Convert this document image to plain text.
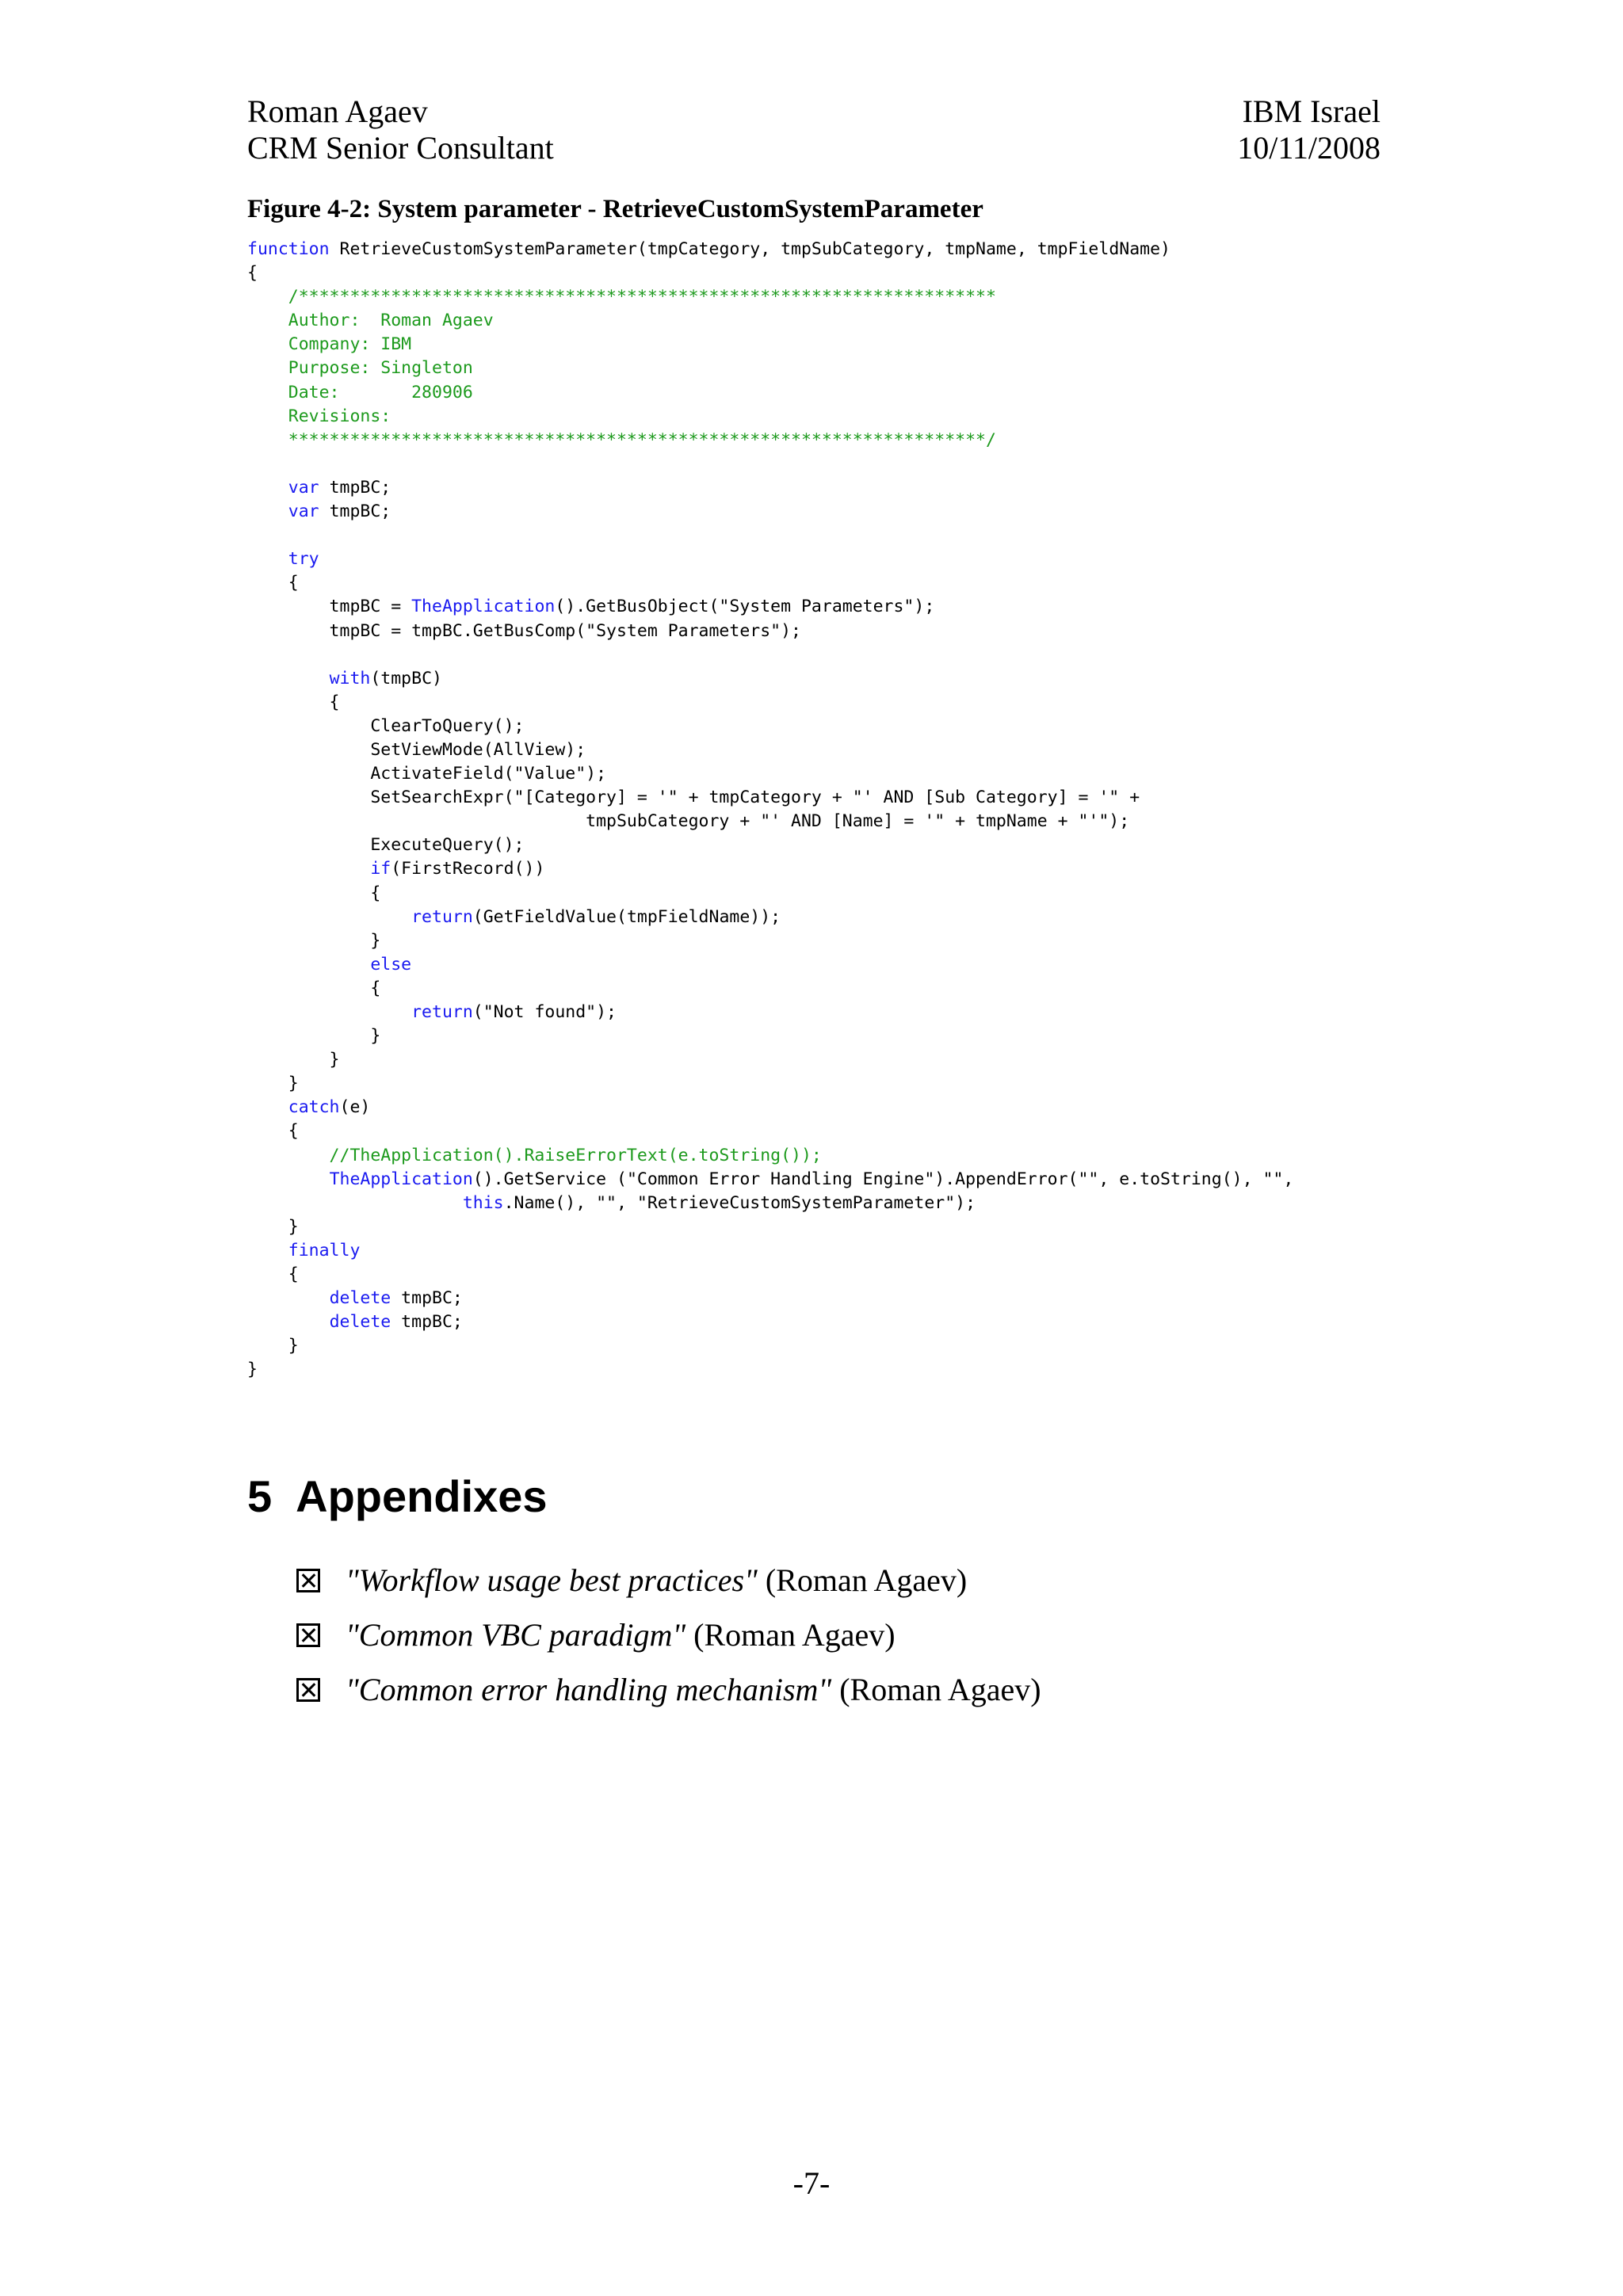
Roman Agaev
CRM Senior Consultant
IBM Israel
10/11/2008
Figure 4-2: System parameter - RetrieveCustomSystemParameter
function RetrieveCustomSystemParameter(tmpCategory, tmpSubCategory, tmpName, tmpFieldName)
{
/********************************************************************
Author:  Roman Agaev
Company: IBM
Purpose: Singleton
Date:       280906
Revisions:
********************************************************************/
var tmpBC;
var tmpBC;
try
{
tmpBC = TheApplication().GetBusObject("System Parameters");
tmpBC = tmpBC.GetBusComp("System Parameters");
with(tmpBC)
{
ClearToQuery();
SetViewMode(AllView);
ActivateField("Value");
SetSearchExpr("[Category] = '" + tmpCategory + "' AND [Sub Category] = '" +
tmpSubCategory + "' AND [Name] = '" + tmpName + "'");
ExecuteQuery();
if(FirstRecord())
{
return(GetFieldValue(tmpFieldName));
}
else
{
return("Not found");
}
}
}
catch(e)
{
//TheApplication().RaiseErrorText(e.toString());
TheApplication().GetService ("Common Error Handling Engine").AppendError("", e.toString(), "",
this.Name(), "", "RetrieveCustomSystemParameter");
}
finally
{
delete tmpBC;
delete tmpBC;
}
}
5 Appendixes
"Workflow usage best practices"
(Roman Agaev)
"Common VBC paradigm"
(Roman Agaev)
"Common error handling mechanism"
(Roman Agaev)
-7-
